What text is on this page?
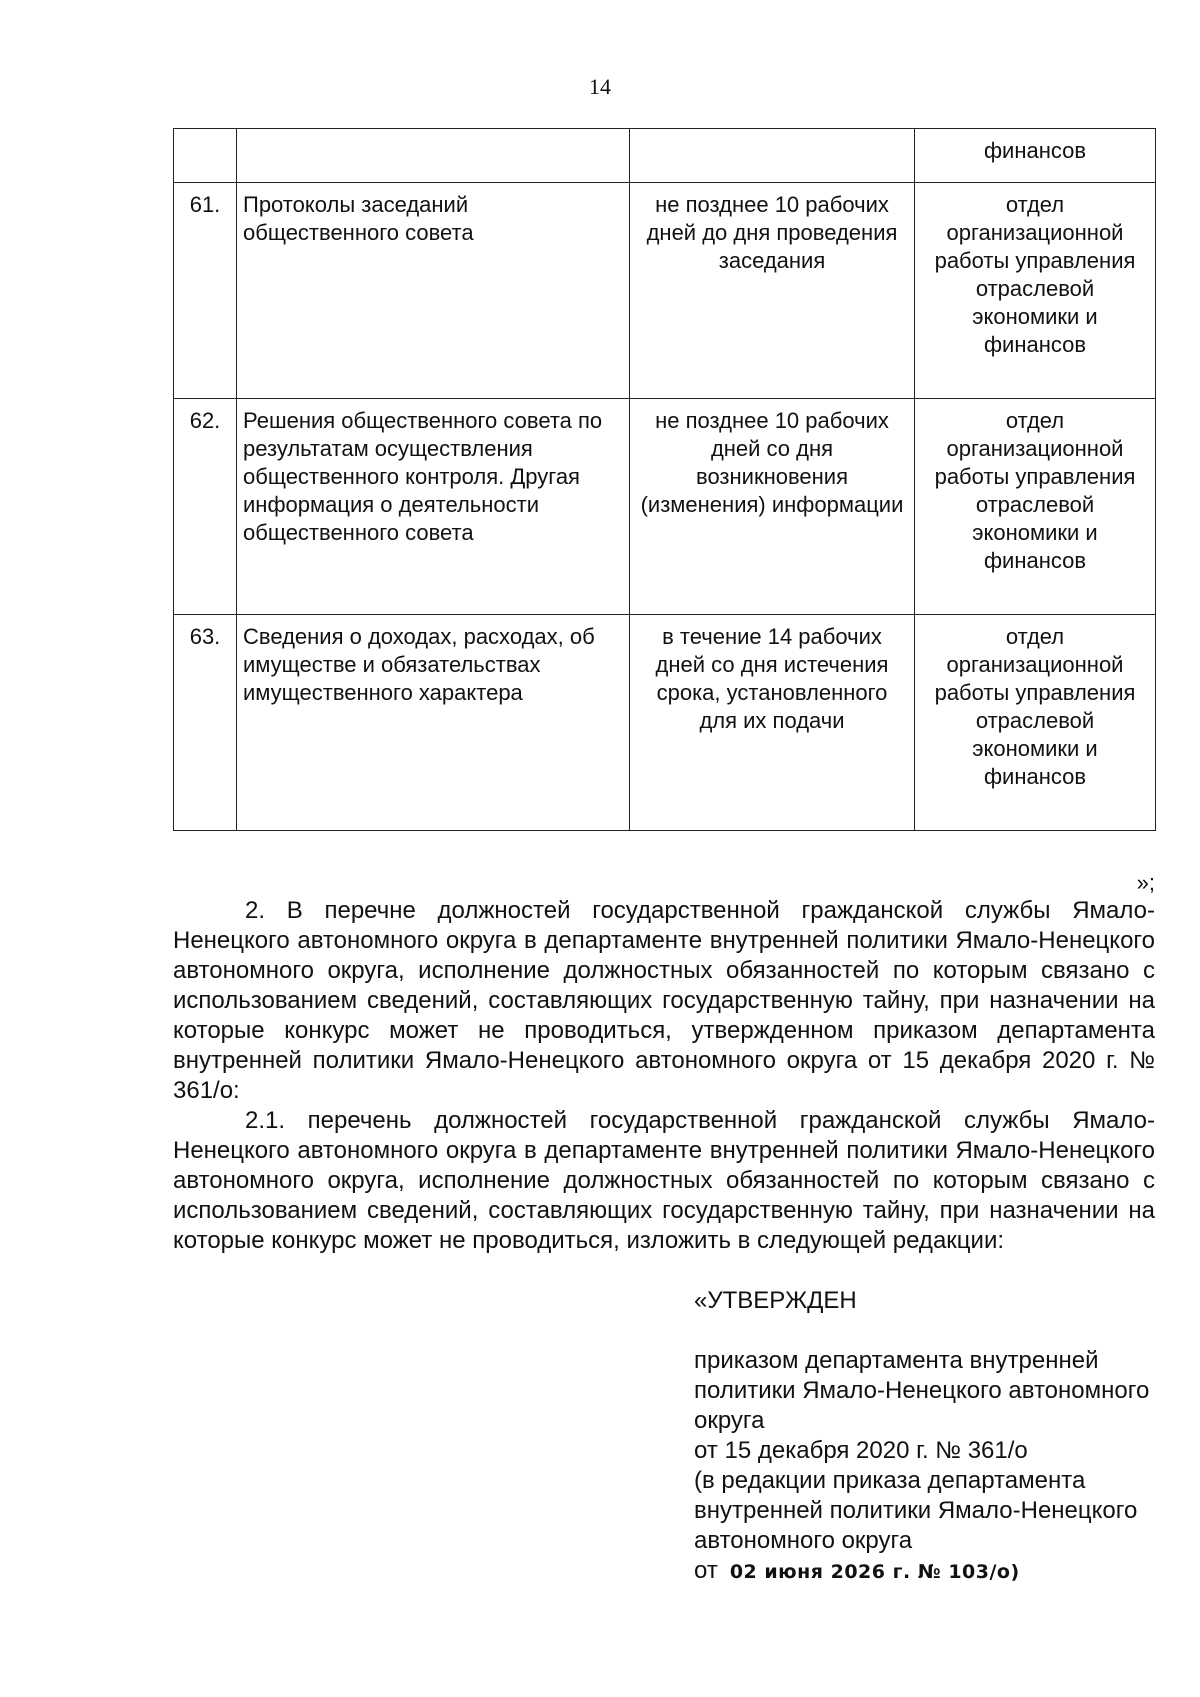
14
			финансов
61.	Протоколы заседаний общественного совета	не позднее 10 рабочих дней до дня проведения заседания	отдел организационной работы управления отраслевой экономики и финансов
62.	Решения общественного совета по результатам осуществления общественного контроля. Другая информация о деятельности общественного совета	не позднее 10 рабочих дней со дня возникновения (изменения) информации	отдел организационной работы управления отраслевой экономики и финансов
63.	Сведения о доходах, расходах, об имуществе и обязательствах имущественного характера	в течение 14 рабочих дней со дня истечения срока, установленного для их подачи	отдел организационной работы управления отраслевой экономики и финансов
»;
2. В перечне должностей государственной гражданской службы Ямало-Ненецкого автономного округа в департаменте внутренней политики Ямало-Ненецкого автономного округа, исполнение должностных обязанностей по которым связано с использованием сведений, составляющих государственную тайну, при назначении на которые конкурс может не проводиться, утвержденном приказом департамента внутренней политики Ямало-Ненецкого автономного округа от 15 декабря 2020 г. № 361/о:
2.1. перечень должностей государственной гражданской службы Ямало-Ненецкого автономного округа в департаменте внутренней политики Ямало-Ненецкого автономного округа, исполнение должностных обязанностей по которым связано с использованием сведений, составляющих государственную тайну, при назначении на которые конкурс может не проводиться, изложить в следующей редакции:
«УТВЕРЖДЕН
приказом департамента внутренней политики Ямало-Ненецкого автономного округа
от 15 декабря 2020 г. № 361/о
(в редакции приказа департамента внутренней политики Ямало-Ненецкого автономного округа
от 02 июня 2026 г. № 103/о)
